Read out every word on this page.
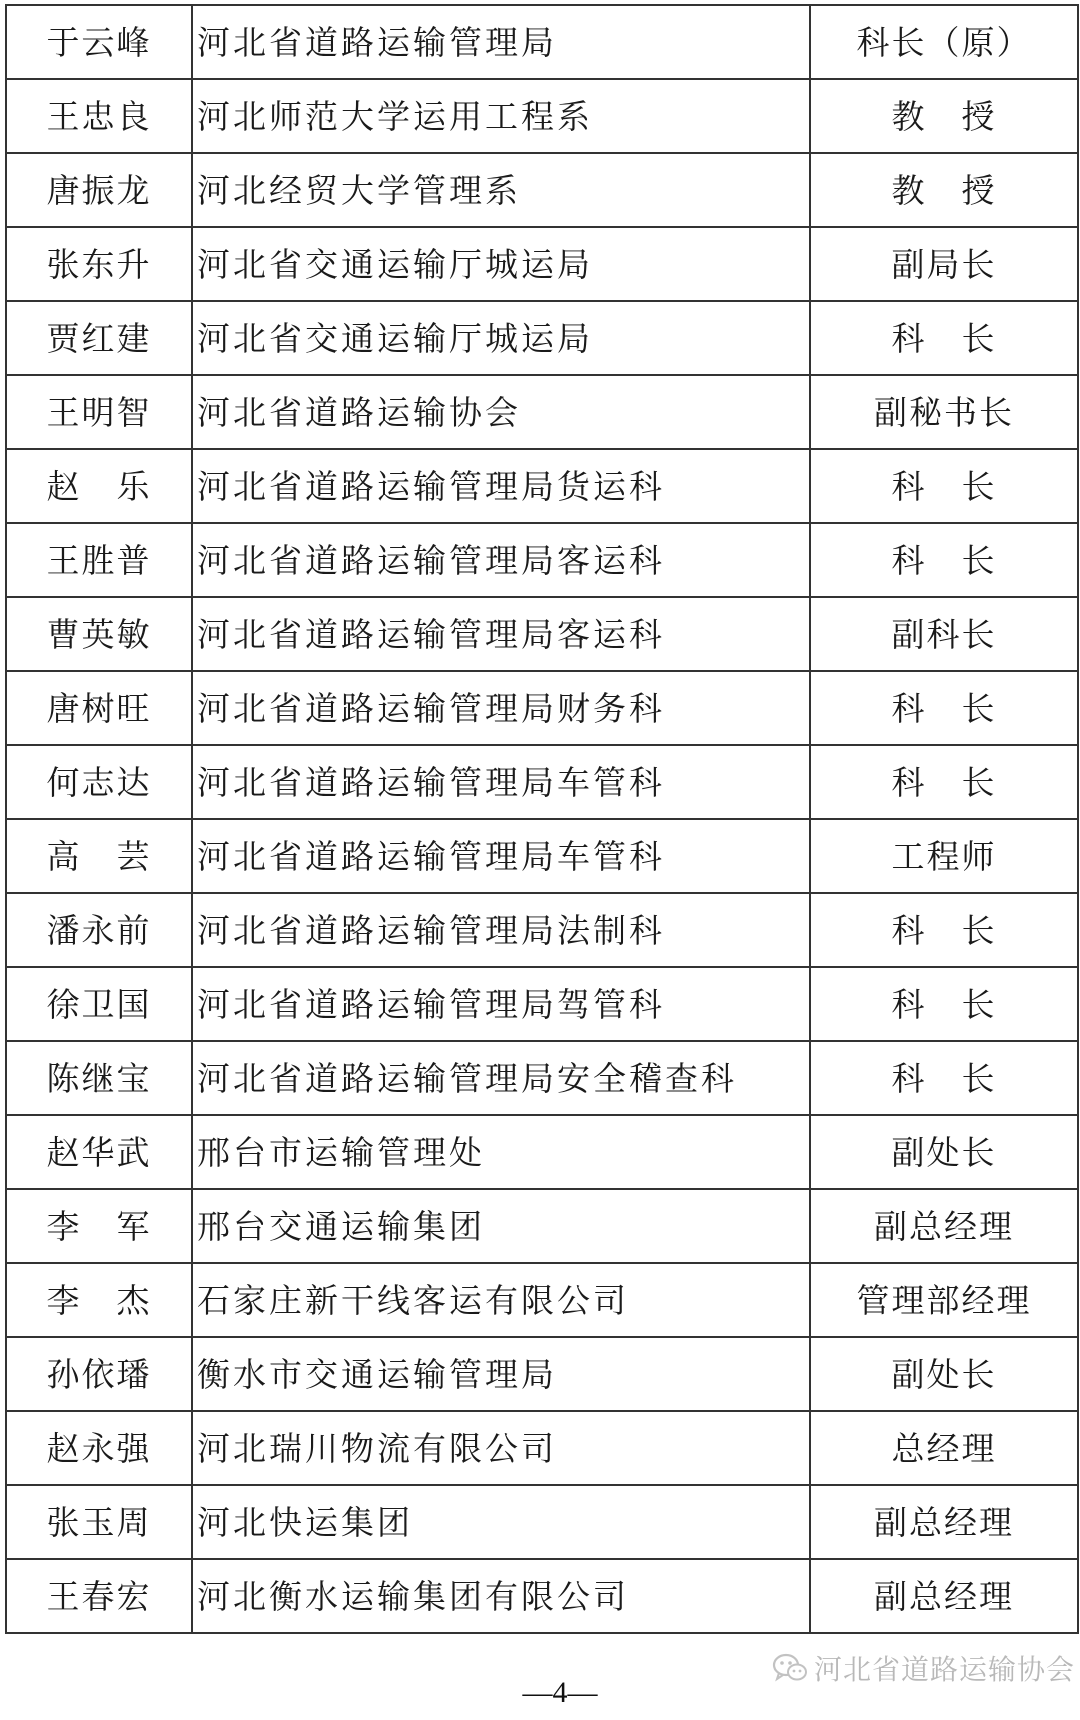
于云峰	河北省道路运输管理局	科长（原）
王忠良	河北师范大学运用工程系	教　授
唐振龙	河北经贸大学管理系	教　授
张东升	河北省交通运输厅城运局	副局长
贾红建	河北省交通运输厅城运局	科　长
王明智	河北省道路运输协会	副秘书长
赵　乐	河北省道路运输管理局货运科	科　长
王胜普	河北省道路运输管理局客运科	科　长
曹英敏	河北省道路运输管理局客运科	副科长
唐树旺	河北省道路运输管理局财务科	科　长
何志达	河北省道路运输管理局车管科	科　长
高　芸	河北省道路运输管理局车管科	工程师
潘永前	河北省道路运输管理局法制科	科　长
徐卫国	河北省道路运输管理局驾管科	科　长
陈继宝	河北省道路运输管理局安全稽查科	科　长
赵华武	邢台市运输管理处	副处长
李　军	邢台交通运输集团	副总经理
李　杰	石家庄新干线客运有限公司	管理部经理
孙依璠	衡水市交通运输管理局	副处长
赵永强	河北瑞川物流有限公司	总经理
张玉周	河北快运集团	副总经理
王春宏	河北衡水运输集团有限公司	副总经理
河北省道路运输协会
—4—
